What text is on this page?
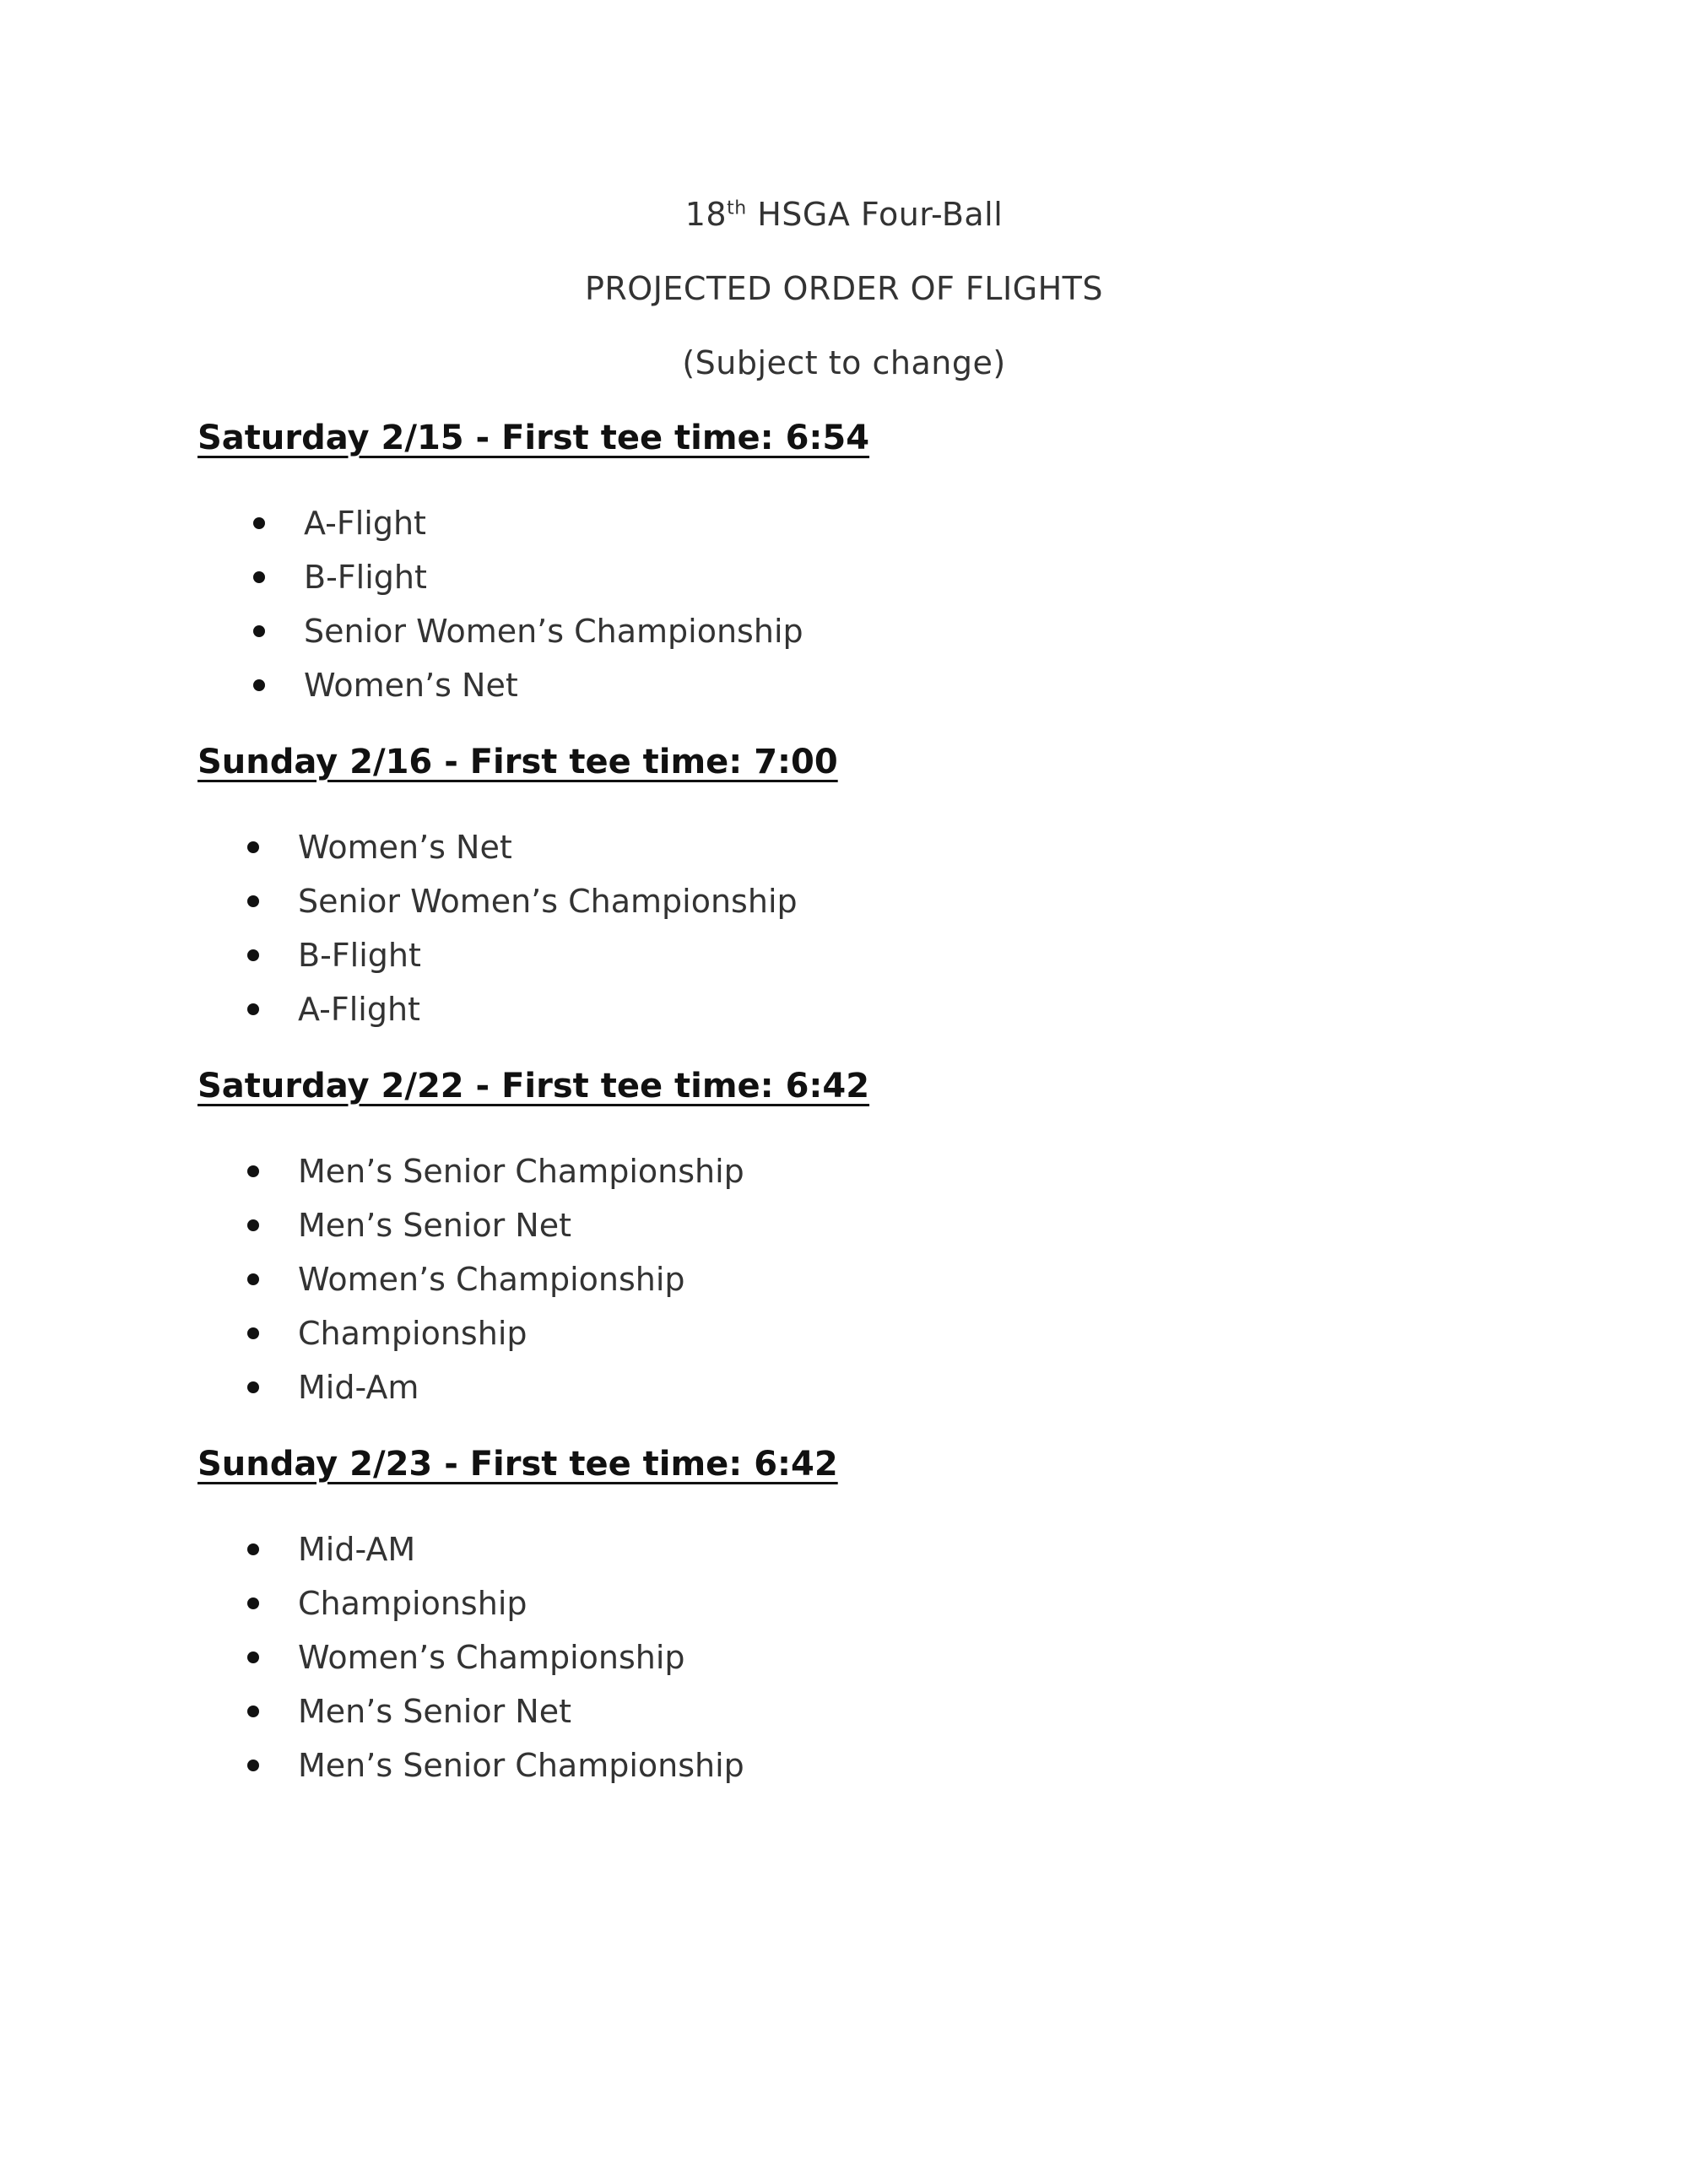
18th HSGA Four-Ball
PROJECTED ORDER OF FLIGHTS

(Subject to change)

Saturday 2/15 - First tee time: 6:54
A-Flight
B-Flight
Senior Women’s Championship
Women’s Net
Sunday 2/16 - First tee time: 7:00
Women’s Net
Senior Women’s Championship
B-Flight
A-Flight
Saturday 2/22 - First tee time: 6:42
Men’s Senior Championship
Men’s Senior Net
Women’s Championship
Championship
Mid-Am
Sunday 2/23 - First tee time: 6:42
Mid-AM
Championship
Women’s Championship
Men’s Senior Net
Men’s Senior Championship
